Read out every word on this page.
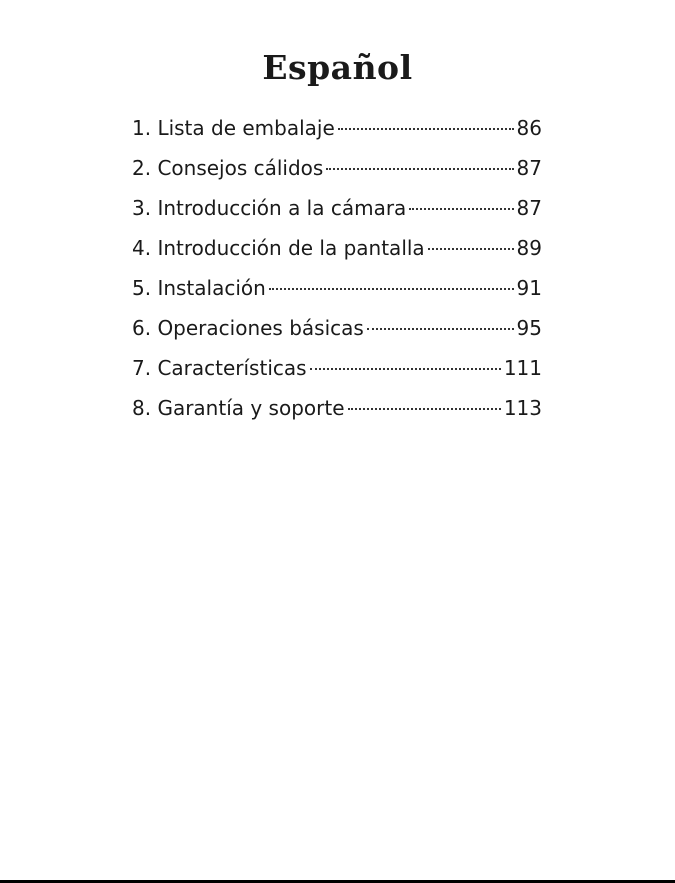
Español
1. Lista de embalaje	86
2. Consejos cálidos	87
3. Introducción a la cámara	87
4. Introducción de la pantalla	89
5. Instalación	91
6. Operaciones básicas	95
7. Características	111
8. Garantía y soporte	113
